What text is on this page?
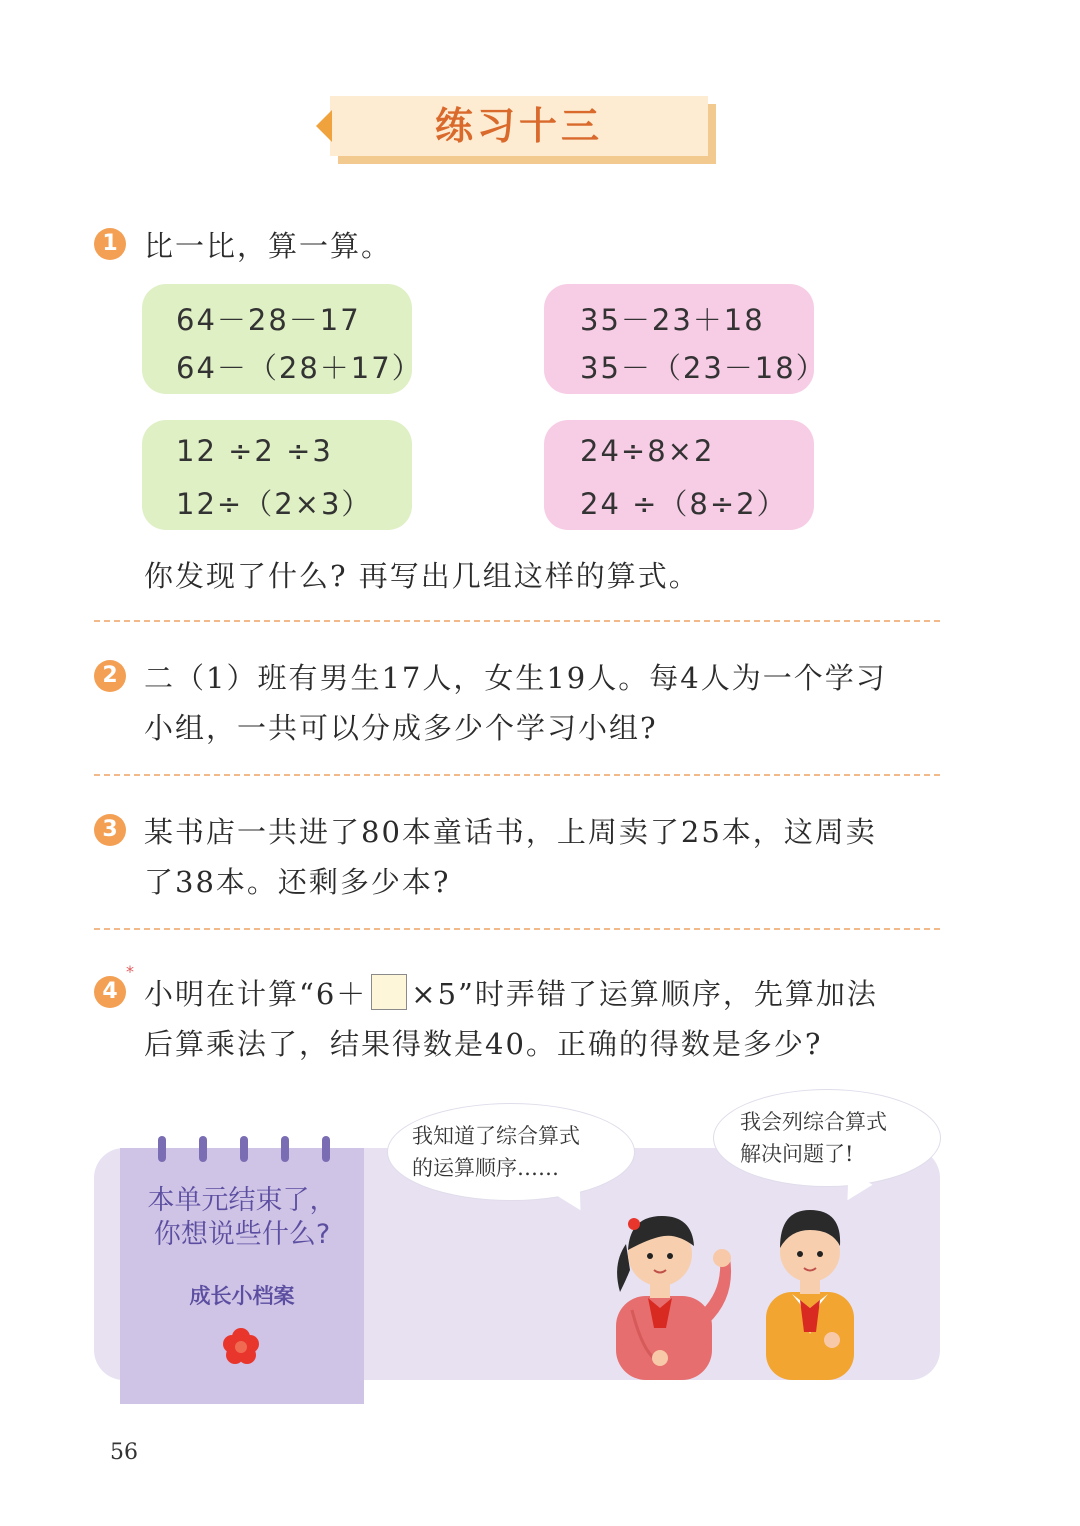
练习十三
1 比一比，算一算。
64－28－17
64－（28＋17）
35－23＋18
35－（23－18）
12 ÷2 ÷3
12÷（2×3）
24÷8×2
24 ÷（8÷2）
你发现了什么? 再写出几组这样的算式。
2 二（1）班有男生17人，女生19人。每4人为一个学习
小组，一共可以分成多少个学习小组?
3 某书店一共进了80本童话书，上周卖了25本，这周卖
了38本。还剩多少本?
4
*
小明在计算“6＋ ×5”时弄错了运算顺序，先算加法
后算乘法了，结果得数是40。正确的得数是多少?
本单元结束了，
你想说些什么?
成长小档案
我知道了综合算式
的运算顺序……
我会列综合算式
解决问题了!
56
